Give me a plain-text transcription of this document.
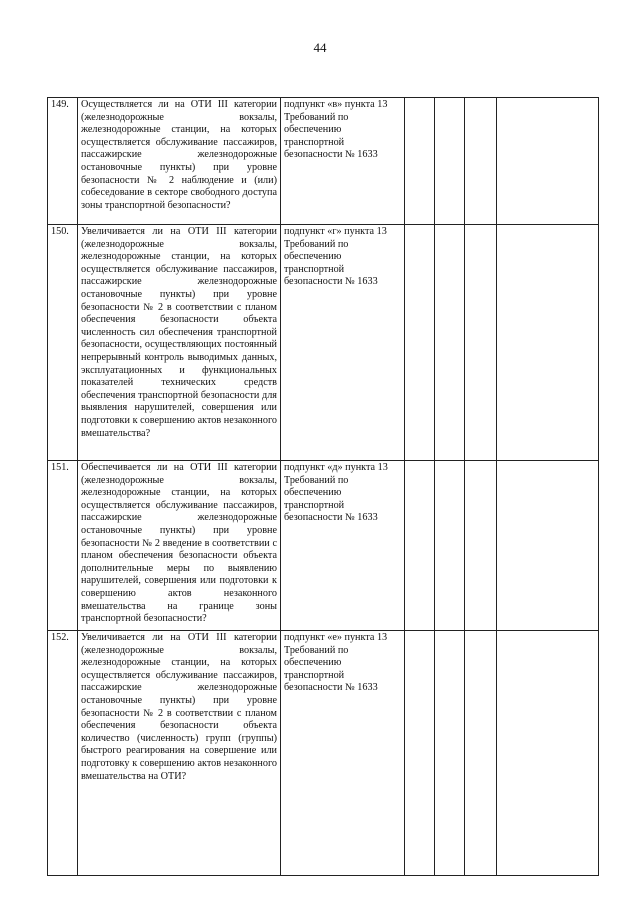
44
149.	Осуществляется ли на ОТИ III категории (железнодорожные вокзалы, железнодорожные станции, на которых осуществляется обслуживание пассажиров, пассажирские железнодорожные остановочные пункты) при уровне безопасности № 2 наблюдение и (или) собеседование в секторе свободного доступа зоны транспортной безопасности?	подпункт «в» пункта 13 Требований по обеспечению транспортной безопасности № 1633				
150.	Увеличивается ли на ОТИ III категории (железнодорожные вокзалы, железнодорожные станции, на которых осуществляется обслуживание пассажиров, пассажирские железнодорожные остановочные пункты) при уровне безопасности № 2 в соответствии с планом обеспечения безопасности объекта численность сил обеспечения транспортной безопасности, осуществляющих постоянный непрерывный контроль выводимых данных, эксплуатационных и функциональных показателей технических средств обеспечения транспортной безопасности для выявления нарушителей, совершения или подготовки к совершению актов незаконного вмешательства?	подпункт «г» пункта 13 Требований по обеспечению транспортной безопасности № 1633				
151.	Обеспечивается ли на ОТИ III категории (железнодорожные вокзалы, железнодорожные станции, на которых осуществляется обслуживание пассажиров, пассажирские железнодорожные остановочные пункты) при уровне безопасности № 2 введение в соответствии с планом обеспечения безопасности объекта дополнительные меры по выявлению нарушителей, совершения или подготовки к совершению актов незаконного вмешательства на границе зоны транспортной безопасности?	подпункт «д» пункта 13 Требований по обеспечению транспортной безопасности № 1633				
152.	Увеличивается ли на ОТИ III категории (железнодорожные вокзалы, железнодорожные станции, на которых осуществляется обслуживание пассажиров, пассажирские железнодорожные остановочные пункты) при уровне безопасности № 2 в соответствии с планом обеспечения безопасности объекта количество (численность) групп (группы) быстрого реагирования на совершение или подготовку к совершению актов незаконного вмешательства на ОТИ?	подпункт «е» пункта 13 Требований по обеспечению транспортной безопасности № 1633				
